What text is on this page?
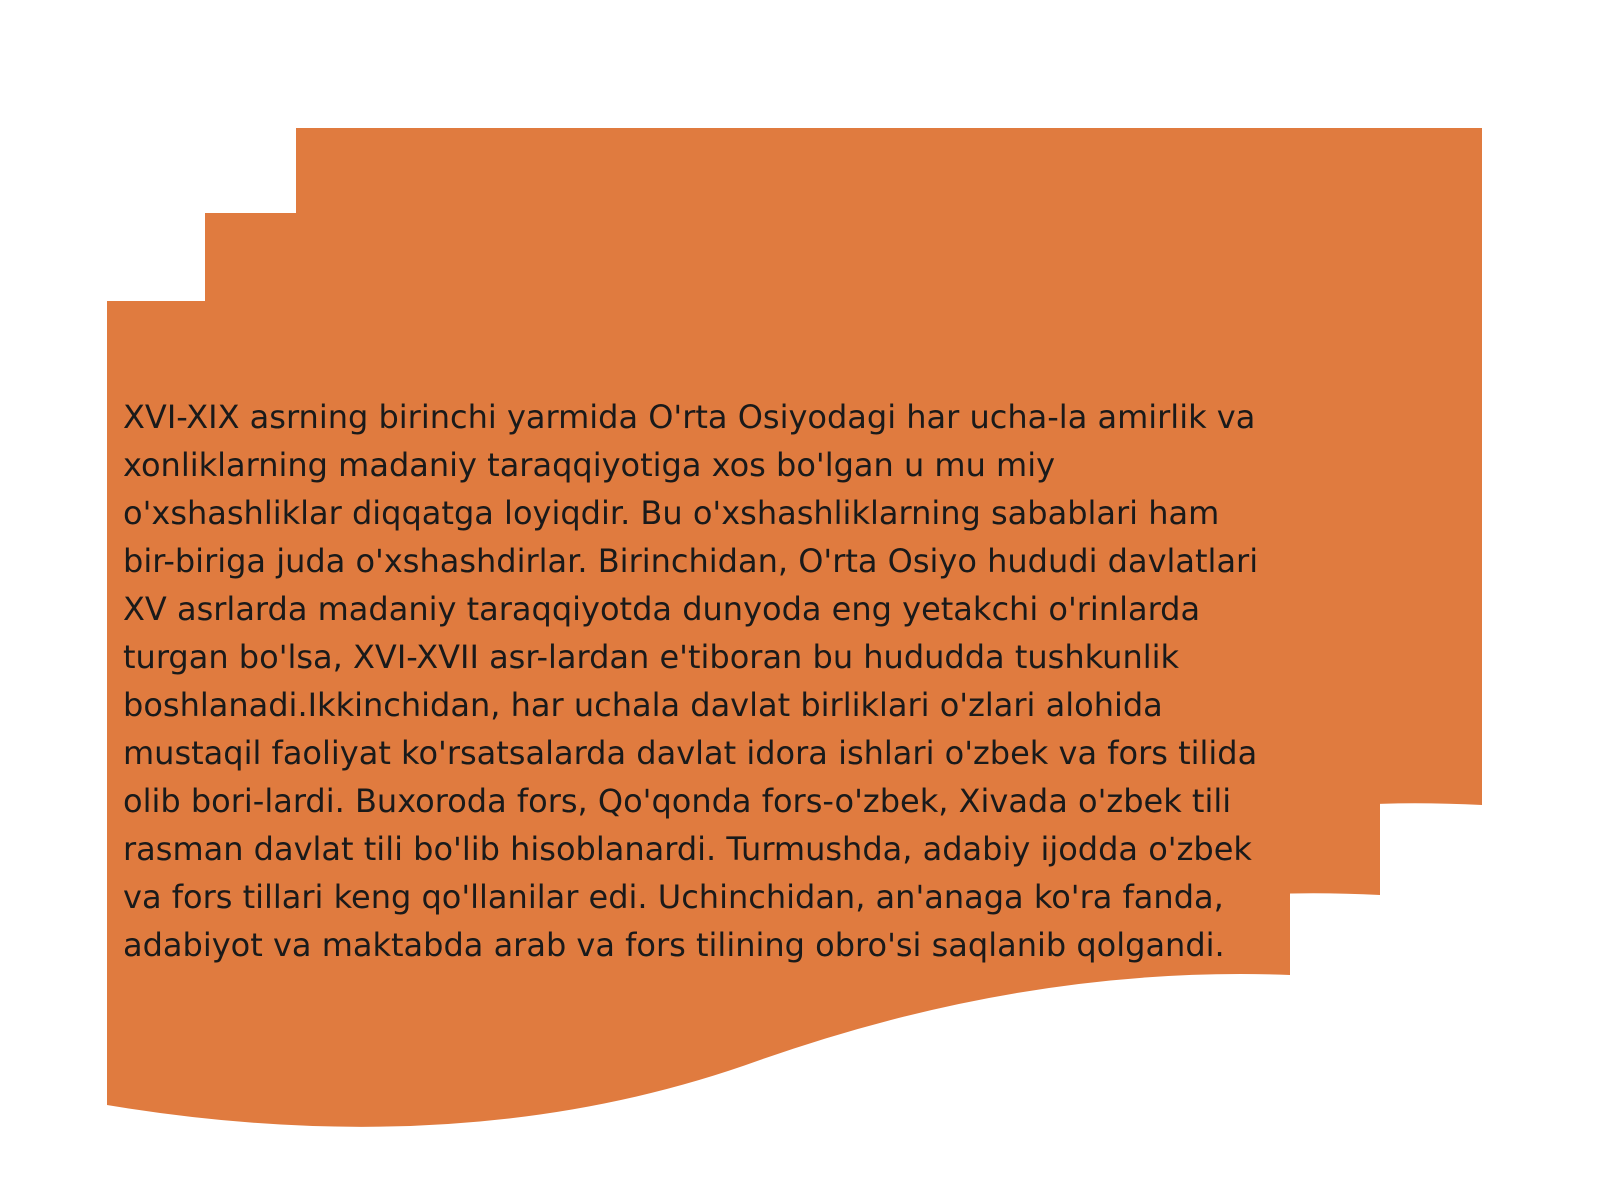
XVI-XIX asrning birinchi yarmida O'rta Osiyodagi har ucha-la amirlik va
xonliklarning madaniy taraqqiyotiga xos bo'lgan u mu miy
o'xshashliklar diqqatga loyiqdir. Bu o'xshashliklarning sabablari ham
bir-biriga juda o'xshashdirlar. Birinchidan, O'rta Osiyo hududi davlatlari
XV asrlarda madaniy taraqqiyotda dunyoda eng yetakchi o'rinlarda
turgan bo'lsa, XVI-XVII asr-lardan e'tiboran bu hududda tushkunlik
boshlanadi.Ikkinchidan, har uchala davlat birliklari o'zlari alohida
mustaqil faoliyat ko'rsatsalarda davlat idora ishlari o'zbek va fors tilida
olib bori-lardi. Buxoroda fors, Qo'qonda fors-o'zbek, Xivada o'zbek tili
rasman davlat tili bo'lib hisoblanardi. Turmushda, adabiy ijodda o'zbek
va fors tillari keng qo'llanilar edi. Uchinchidan, an'anaga ko'ra fanda,
adabiyot va maktabda arab va fors tilining obro'si saqlanib qolgandi.
